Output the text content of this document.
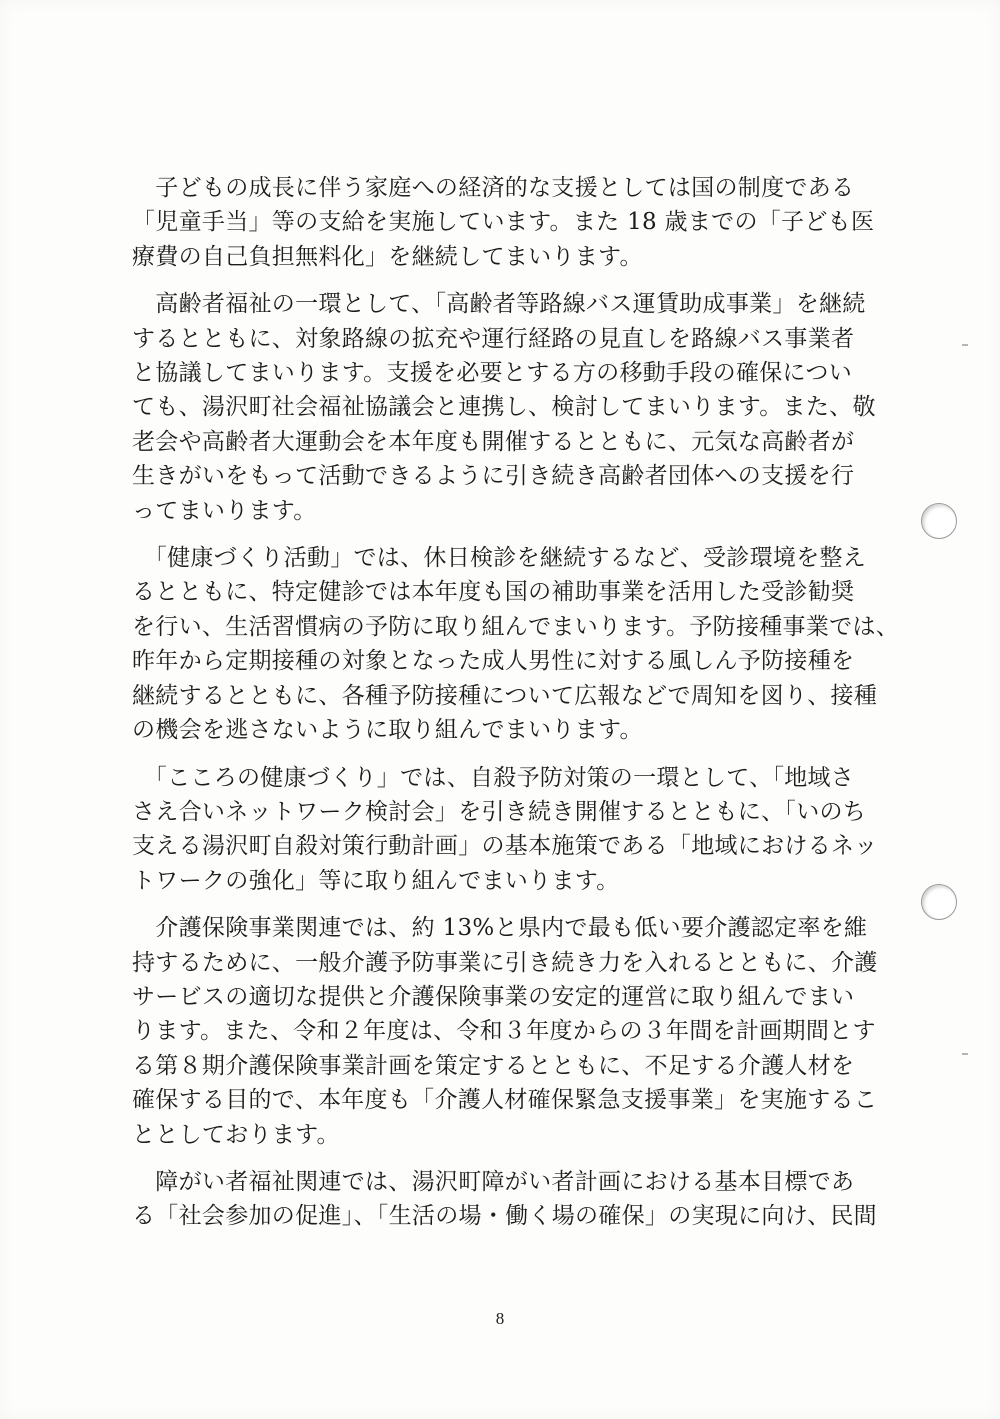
　子どもの成長に伴う家庭への経済的な支援としては国の制度である
「児童手当」等の支給を実施しています。また 18 歳までの「子ども医
療費の自己負担無料化」を継続してまいります。

　高齢者福祉の一環として、「高齢者等路線バス運賃助成事業」を継続
するとともに、対象路線の拡充や運行経路の見直しを路線バス事業者
と協議してまいります。支援を必要とする方の移動手段の確保につい
ても、湯沢町社会福祉協議会と連携し、検討してまいります。また、敬
老会や高齢者大運動会を本年度も開催するとともに、元気な高齢者が
生きがいをもって活動できるように引き続き高齢者団体への支援を行
ってまいります。

　「健康づくり活動」では、休日検診を継続するなど、受診環境を整え
るとともに、特定健診では本年度も国の補助事業を活用した受診勧奨
を行い、生活習慣病の予防に取り組んでまいります。予防接種事業では、
昨年から定期接種の対象となった成人男性に対する風しん予防接種を
継続するとともに、各種予防接種について広報などで周知を図り、接種
の機会を逃さないように取り組んでまいります。

　「こころの健康づくり」では、自殺予防対策の一環として、「地域さ
さえ合いネットワーク検討会」を引き続き開催するとともに、「いのち
支える湯沢町自殺対策行動計画」の基本施策である「地域におけるネッ
トワークの強化」等に取り組んでまいります。

　介護保険事業関連では、約 13%と県内で最も低い要介護認定率を維
持するために、一般介護予防事業に引き続き力を入れるとともに、介護
サービスの適切な提供と介護保険事業の安定的運営に取り組んでまい
ります。また、令和２年度は、令和３年度からの３年間を計画期間とす
る第８期介護保険事業計画を策定するとともに、不足する介護人材を
確保する目的で、本年度も「介護人材確保緊急支援事業」を実施するこ
ととしております。

　障がい者福祉関連では、湯沢町障がい者計画における基本目標であ
る「社会参加の促進」、「生活の場・働く場の確保」の実現に向け、民間

8
